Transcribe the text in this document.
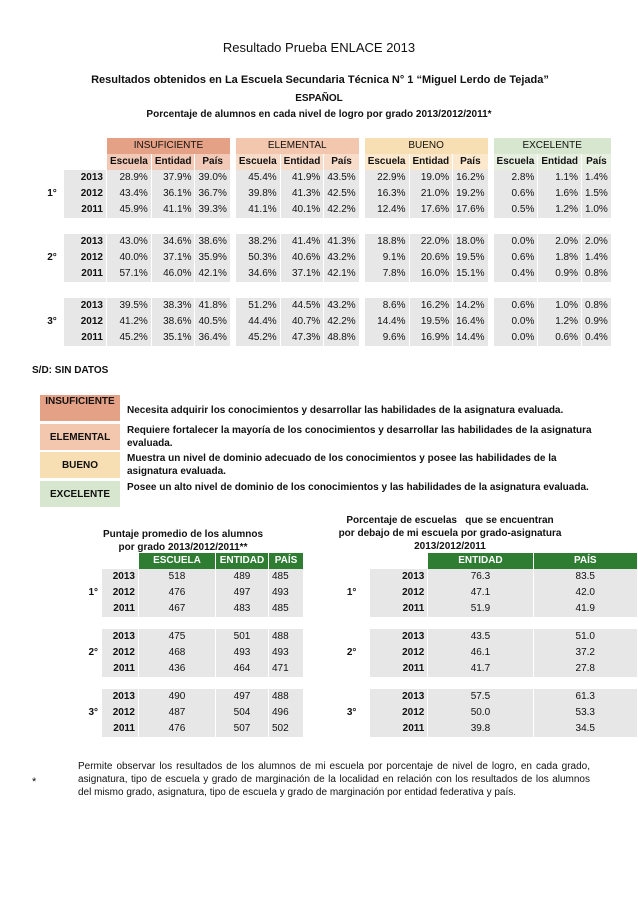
Resultado Prueba ENLACE 2013
Resultados obtenidos en La Escuela Secundaria Técnica N° 1 “Miguel Lerdo de Tejada”
ESPAÑOL
Porcentaje de alumnos en cada nivel de logro por grado 2013/2012/2011*
		INSUFICIENTE				ELEMENTAL				BUENO				EXCELENTE		
		Escuela	Entidad	País		Escuela	Entidad	País		Escuela	Entidad	País		Escuela	Entidad	País
	2013	28.9%	37.9%	39.0%		45.4%	41.9%	43.5%		22.9%	19.0%	16.2%		2.8%	1.1%	1.4%
1°	2012	43.4%	36.1%	36.7%		39.8%	41.3%	42.5%		16.3%	21.0%	19.2%		0.6%	1.6%	1.5%
	2011	45.9%	41.1%	39.3%		41.1%	40.1%	42.2%		12.4%	17.6%	17.6%		0.5%	1.2%	1.0%

	2013	43.0%	34.6%	38.6%		38.2%	41.4%	41.3%		18.8%	22.0%	18.0%		0.0%	2.0%	2.0%
2°	2012	40.0%	37.1%	35.9%		50.3%	40.6%	43.2%		9.1%	20.6%	19.5%		0.6%	1.8%	1.4%
	2011	57.1%	46.0%	42.1%		34.6%	37.1%	42.1%		7.8%	16.0%	15.1%		0.4%	0.9%	0.8%

	2013	39.5%	38.3%	41.8%		51.2%	44.5%	43.2%		8.6%	16.2%	14.2%		0.6%	1.0%	0.8%
3°	2012	41.2%	38.6%	40.5%		44.4%	40.7%	42.2%		14.4%	19.5%	16.4%		0.0%	1.2%	0.9%
	2011	45.2%	35.1%	36.4%		45.2%	47.3%	48.8%		9.6%	16.9%	14.4%		0.0%	0.6%	0.4%
S/D: SIN DATOS
INSUFICIENTE
Necesita adquirir los conocimientos y desarrollar las habilidades de la asignatura evaluada.
ELEMENTAL
Requiere fortalecer la mayoría de los conocimientos y desarrollar las habilidades de la asignatura evaluada.
BUENO
Muestra un nivel de dominio adecuado de los conocimientos y posee las habilidades de la asignatura evaluada.
EXCELENTE
Posee un alto nivel de dominio de los conocimientos y las habilidades de la asignatura evaluada.
Puntaje promedio de los alumnos
por grado 2013/2012/2011**
		ESCUELA	ENTIDAD	PAÍS
	2013	518	489	485
1°	2012	476	497	493
	2011	467	483	485

	2013	475	501	488
2°	2012	468	493	493
	2011	436	464	471

	2013	490	497	488
3°	2012	487	504	496
	2011	476	507	502
Porcentaje de escuelas   que se encuentran
por debajo de mi escuela por grado-asignatura
2013/2012/2011
		ENTIDAD	PAÍS
	2013	76.3	83.5
1°	2012	47.1	42.0
	2011	51.9	41.9

	2013	43.5	51.0
2°	2012	46.1	37.2
	2011	41.7	27.8

	2013	57.5	61.3
3°	2012	50.0	53.3
	2011	39.8	34.5
*
Permite observar los resultados de los alumnos de mi escuela por porcentaje de nivel de logro, en cada grado, asignatura, tipo de escuela y grado de marginación de la localidad en relación con los resultados de los alumnos del mismo grado, asignatura, tipo de escuela y grado de marginación por entidad federativa y país.
